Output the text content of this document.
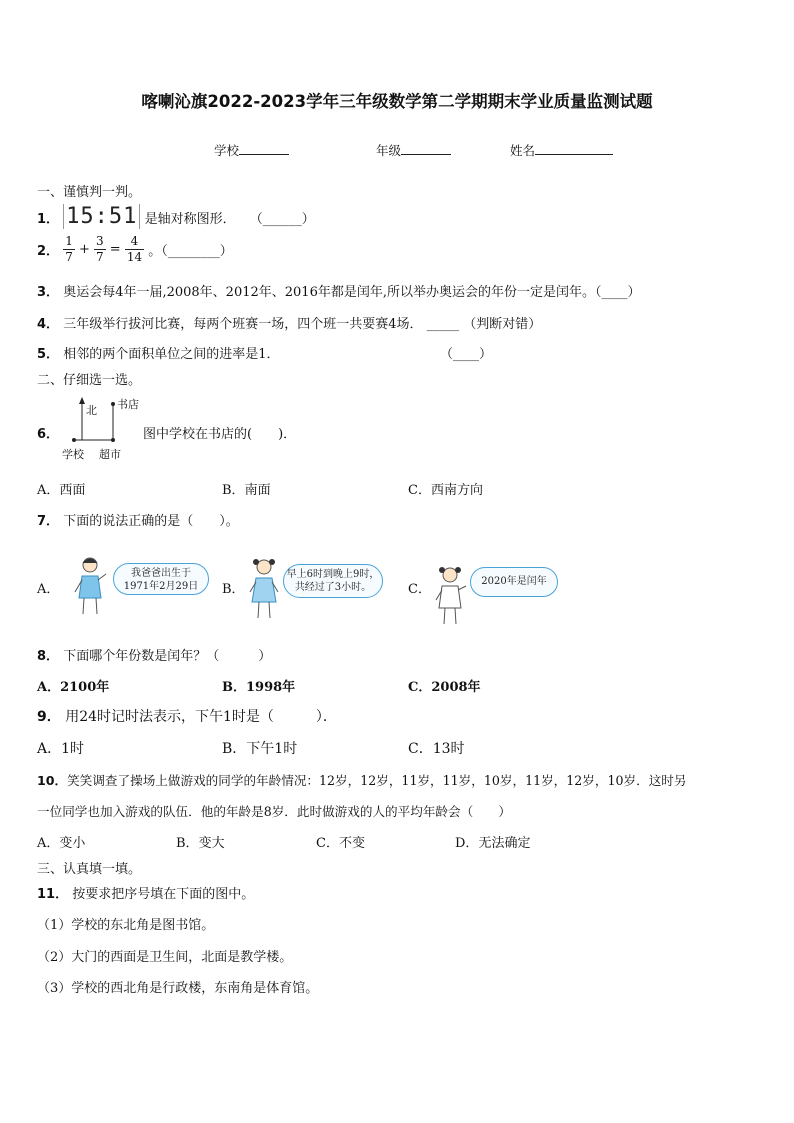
喀喇沁旗2022-2023学年三年级数学第二学期期末学业质量监测试题
学校	年级	姓名
一、谨慎判一判。
1． 15:51 是轴对称图形． （______）
2． $\frac{1}{7} + \frac{3}{7} = \frac{4}{14}$ 。（________）
3． 奥运会每4年一届,2008年、2012年、2016年都是闰年,所以举办奥运会的年份一定是闰年。（____）
4． 三年级举行拔河比赛，每两个班赛一场，四个班一共要赛4场． _____ （判断对错）
5． 相邻的两个面积单位之间的进率是1．	（____）
二、仔细选一选。
6．
北 书店
学校 超市
图中学校在书店的(　　)．
A．西面	B．南面	C．西南方向
7． 下面的说法正确的是（　　）。
A．
我爸爸出生于
1971年2月29日	B．
早上6时到晚上9时，
共经过了3小时。	C．
2020年是闰年
8． 下面哪个年份数是闰年？（　　　）
A．2100年	B．1998年	C．2008年
9． 用24时记时法表示，下午1时是（　　　）．
A．1时	B．下午1时	C．13时
10．笑笑调查了操场上做游戏的同学的年龄情况：12岁，12岁，11岁，11岁，10岁，11岁，12岁，10岁．这时另
一位同学也加入游戏的队伍．他的年龄是8岁．此时做游戏的人的平均年龄会（　　）
A．变小	B．变大	C．不变	D．无法确定
三、认真填一填。
11． 按要求把序号填在下面的图中。
（1）学校的东北角是图书馆。
（2）大门的西面是卫生间，北面是教学楼。
（3）学校的西北角是行政楼，东南角是体育馆。
